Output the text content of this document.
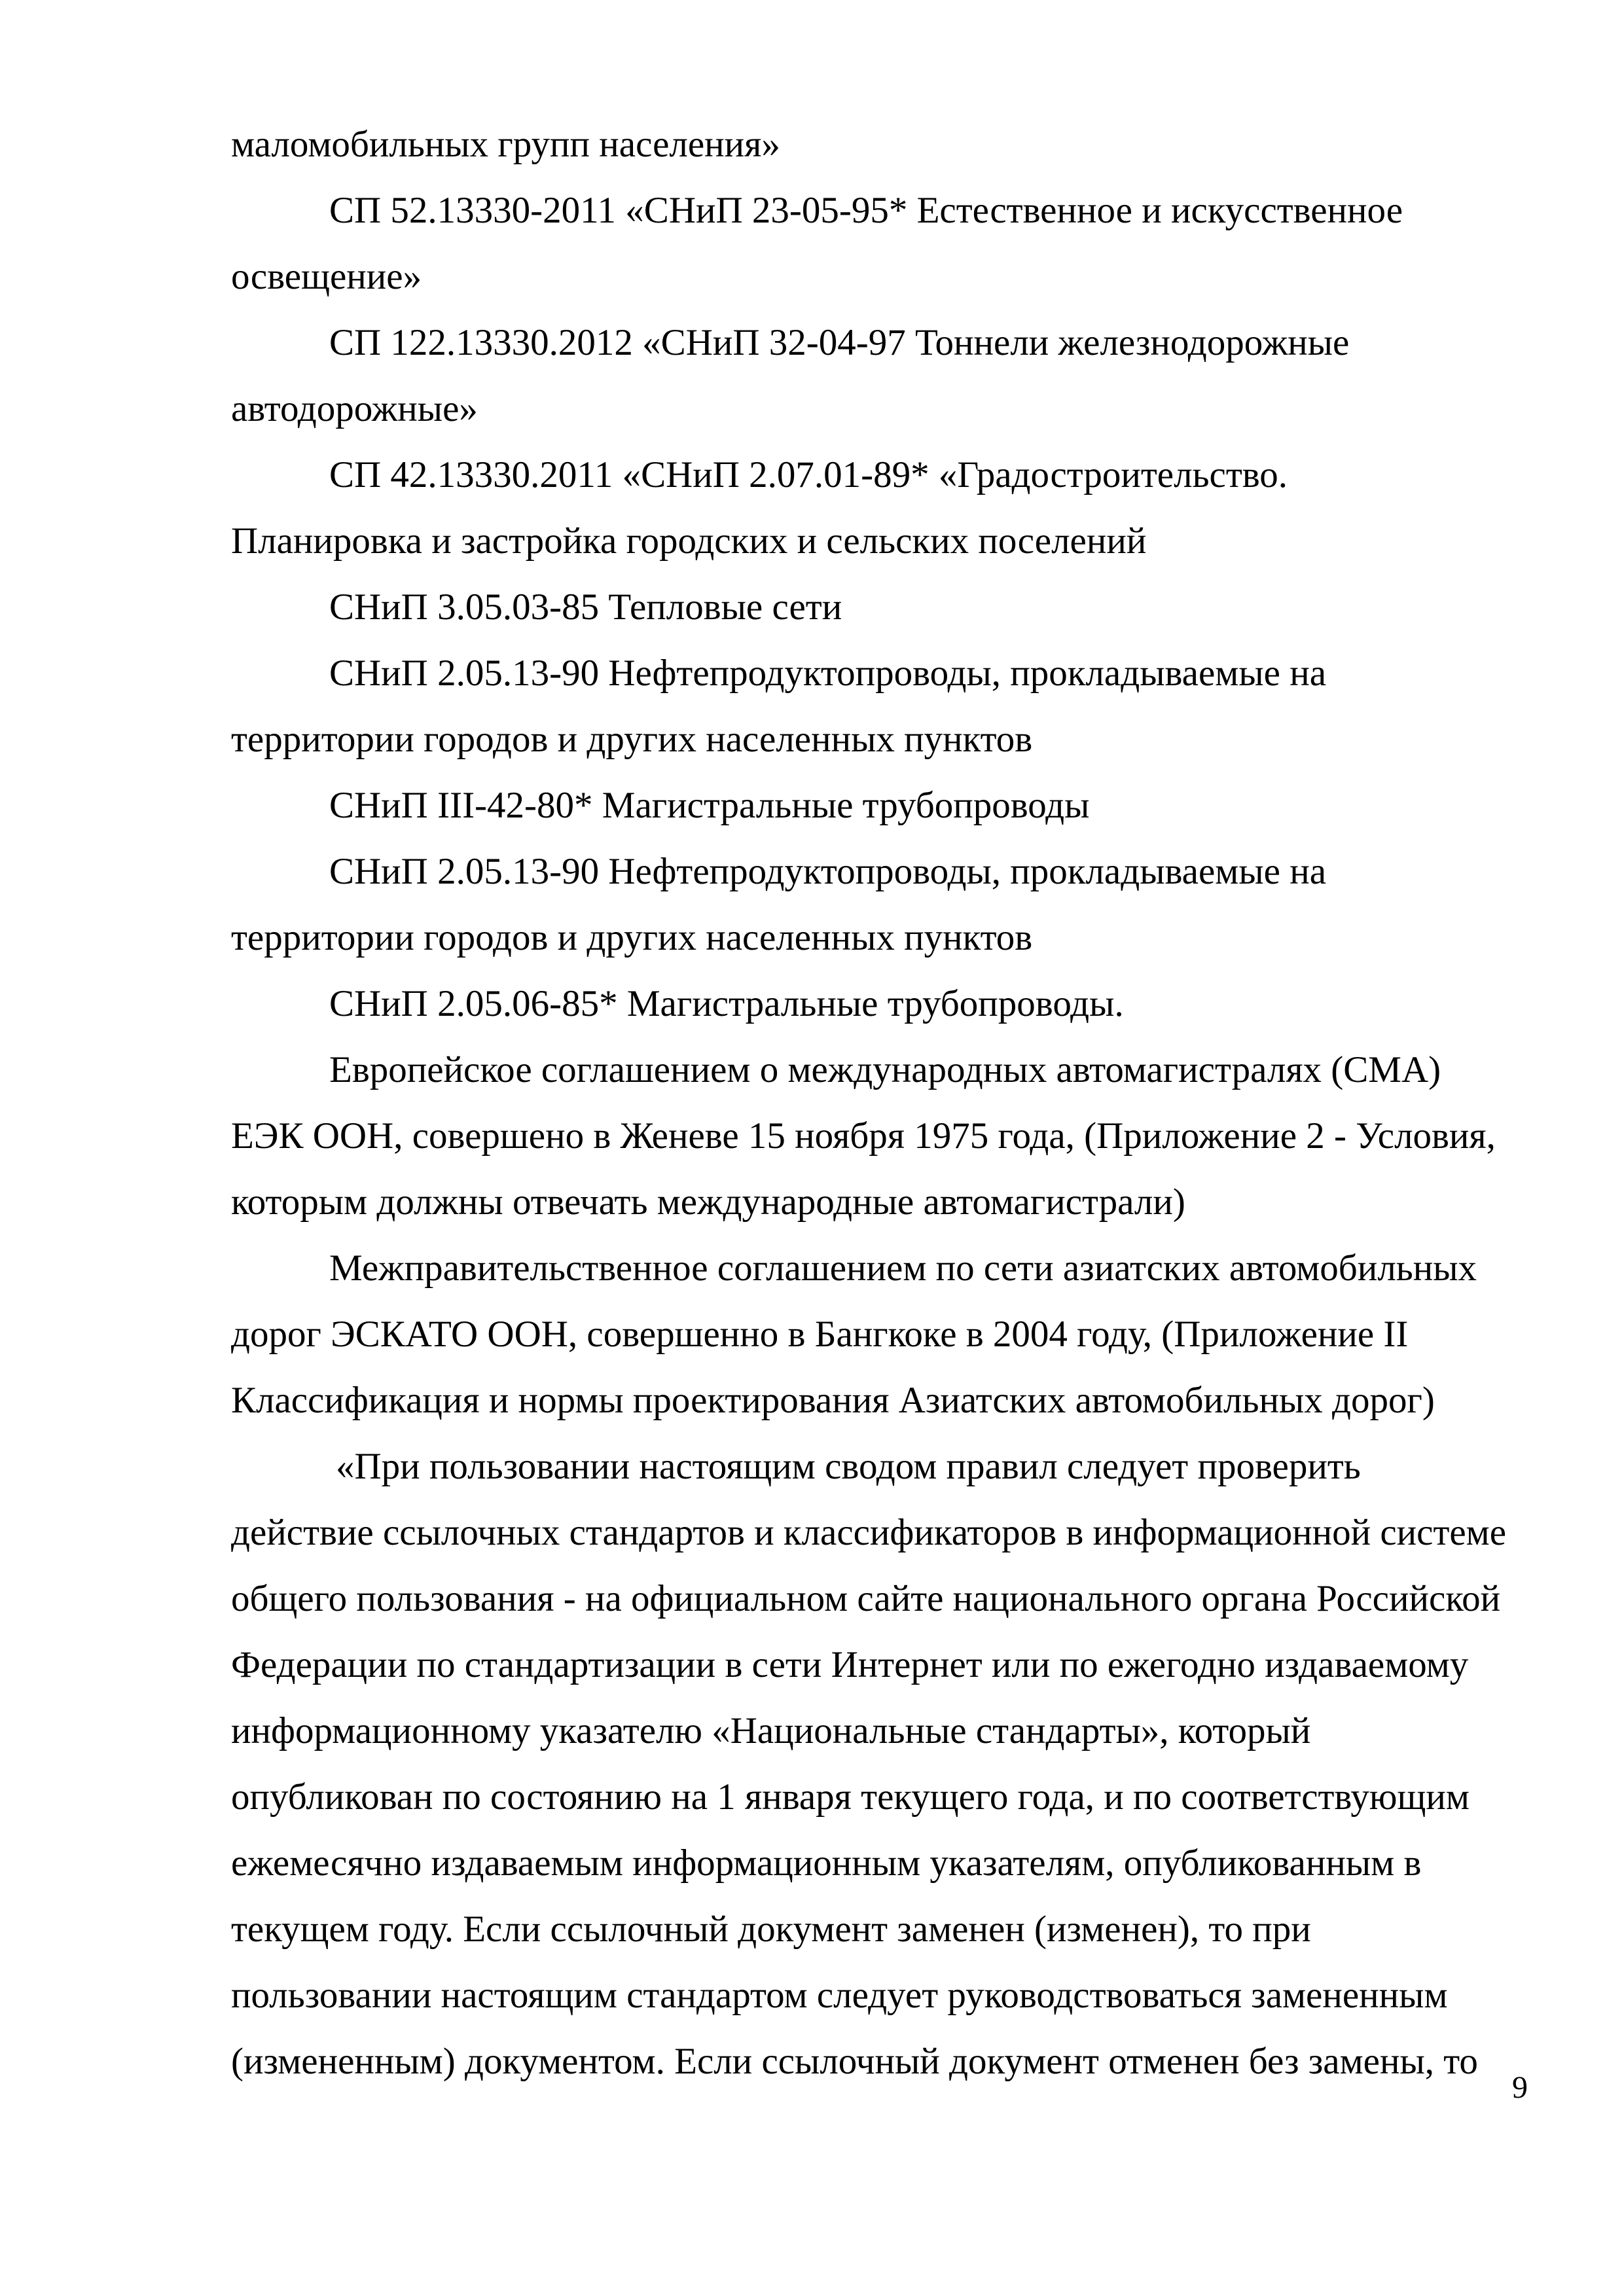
маломобильных групп населения»
СП 52.13330-2011 «СНиП 23-05-95* Естественное и искусственное
освещение»
СП 122.13330.2012 «СНиП 32-04-97 Тоннели железнодорожные
автодорожные»
СП 42.13330.2011 «СНиП 2.07.01-89* «Градостроительство.
Планировка и застройка городских и сельских поселений
СНиП 3.05.03-85 Тепловые сети
СНиП 2.05.13-90 Нефтепродуктопроводы, прокладываемые на
территории городов и других населенных пунктов
СНиП III-42-80* Магистральные трубопроводы
СНиП 2.05.13-90 Нефтепродуктопроводы, прокладываемые на
территории городов и других населенных пунктов
СНиП 2.05.06-85* Магистральные трубопроводы.
Европейское соглашением о международных автомагистралях (СМА)
ЕЭК ООН, совершено в Женеве 15 ноября 1975 года, (Приложение 2 - Условия,
которым должны отвечать международные автомагистрали)
Межправительственное соглашением по сети азиатских автомобильных
дорог ЭСКАТО ООН, совершенно в Бангкоке в 2004 году, (Приложение II
Классификация и нормы проектирования Азиатских автомобильных дорог)
«При пользовании настоящим сводом правил следует проверить
действие ссылочных стандартов и классификаторов в информационной системе
общего пользования - на официальном сайте национального органа Российской
Федерации по стандартизации в сети Интернет или по ежегодно издаваемому
информационному указателю «Национальные стандарты», который
опубликован по состоянию на 1 января текущего года, и по соответствующим
ежемесячно издаваемым информационным указателям, опубликованным в
текущем году. Если ссылочный документ заменен (изменен), то при
пользовании настоящим стандартом следует руководствоваться замененным
(измененным) документом. Если ссылочный документ отменен без замены, то
9
